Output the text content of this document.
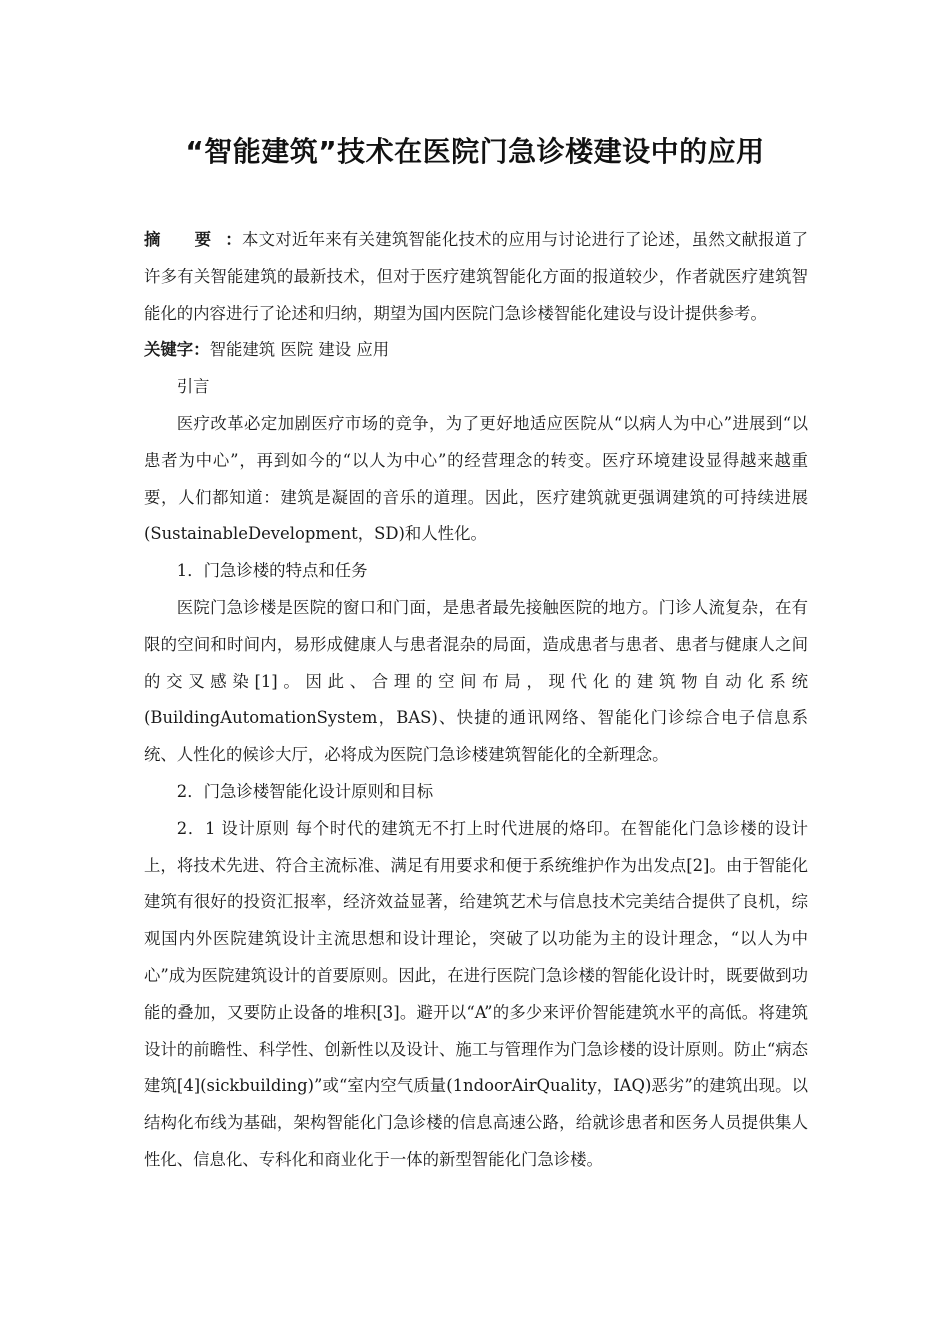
“智能建筑”技术在医院门急诊楼建设中的应用

摘 要：本文对近年来有关建筑智能化技术的应用与讨论进行了论述，虽然文献报道了许多有关智能建筑的最新技术，但对于医疗建筑智能化方面的报道较少，作者就医疗建筑智能化的内容进行了论述和归纳，期望为国内医院门急诊楼智能化建设与设计提供参考。

关键字：智能建筑 医院 建设 应用

引言

医疗改革必定加剧医疗市场的竞争，为了更好地适应医院从“以病人为中心”进展到“以患者为中心”，再到如今的“以人为中心”的经营理念的转变。医疗环境建设显得越来越重要，人们都知道：建筑是凝固的音乐的道理。因此，医疗建筑就更强调建筑的可持续进展(SustainableDevelopment，SD)和人性化。

1．门急诊楼的特点和任务

医院门急诊楼是医院的窗口和门面，是患者最先接触医院的地方。门诊人流复杂，在有限的空间和时间内，易形成健康人与患者混杂的局面，造成患者与患者、患者与健康人之间的交叉感染[1]。因此、合理的空间布局，现代化的建筑物自动化系统(BuildingAutomationSystem，BAS)、快捷的通讯网络、智能化门诊综合电子信息系统、人性化的候诊大厅，必将成为医院门急诊楼建筑智能化的全新理念。

2．门急诊楼智能化设计原则和目标

2．1 设计原则 每个时代的建筑无不打上时代进展的烙印。在智能化门急诊楼的设计上，将技术先进、符合主流标准、满足有用要求和便于系统维护作为出发点[2]。由于智能化建筑有很好的投资汇报率，经济效益显著，给建筑艺术与信息技术完美结合提供了良机，综观国内外医院建筑设计主流思想和设计理论，突破了以功能为主的设计理念，“以人为中心”成为医院建筑设计的首要原则。因此，在进行医院门急诊楼的智能化设计时，既要做到功能的叠加，又要防止设备的堆积[3]。避开以“A”的多少来评价智能建筑水平的高低。将建筑设计的前瞻性、科学性、创新性以及设计、施工与管理作为门急诊楼的设计原则。防止“病态建筑[4](sickbuilding)”或“室内空气质量(1ndoorAirQuality，IAQ)恶劣”的建筑出现。以结构化布线为基础，架构智能化门急诊楼的信息高速公路，给就诊患者和医务人员提供集人性化、信息化、专科化和商业化于一体的新型智能化门急诊楼。
